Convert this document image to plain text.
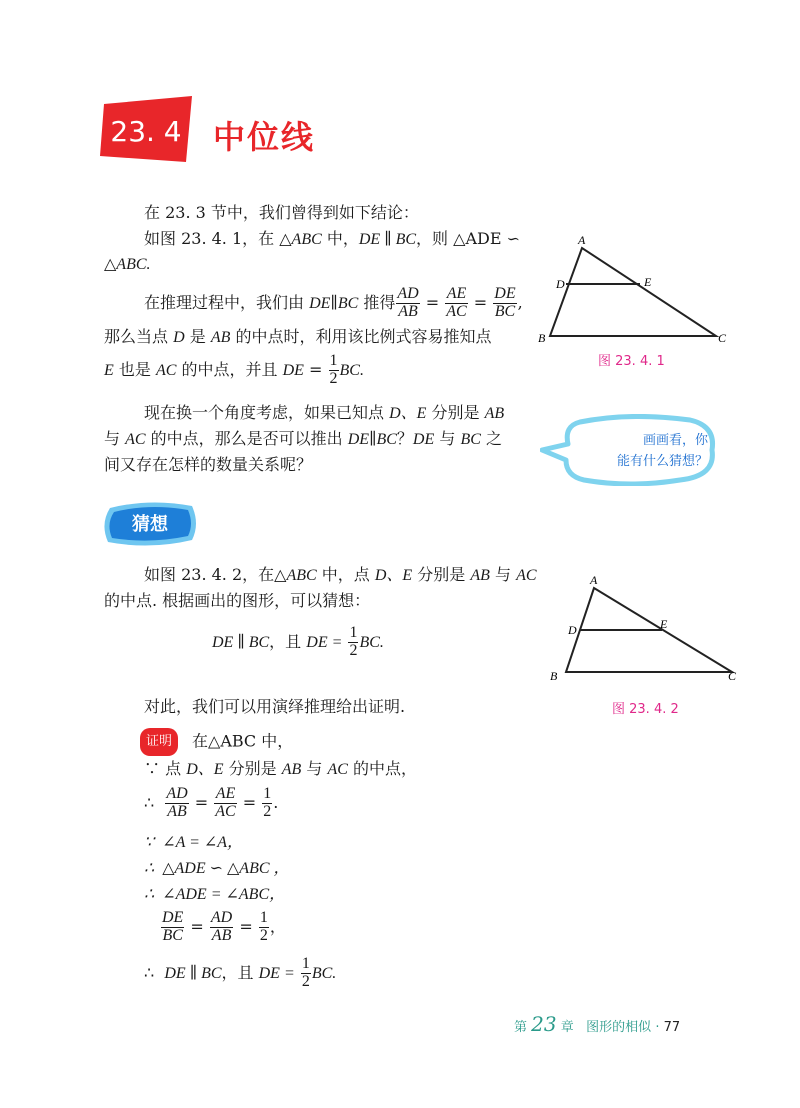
23. 4 中位线
在 23. 3 节中，我们曾得到如下结论：
如图 23. 4. 1，在 △ABC 中，DE ∥ BC，则 △ADE ∽
△ABC.
在推理过程中，我们由 DE∥BC 推得 $\frac{AD}{AB} = \frac{AE}{AC} = \frac{DE}{BC}$ ,
那么当点 D 是 AB 的中点时，利用该比例式容易推知点
E 也是 AC 的中点，并且 DE = $\frac{1}{2}$ BC.
现在换一个角度考虑，如果已知点 D、E 分别是 AB
与 AC 的中点，那么是否可以推出 DE∥BC？DE 与 BC 之
间又存在怎样的数量关系呢？
A
B	C
D	E
图 23. 4. 1
画画看，你
能有什么猜想？
猜想
如图 23. 4. 2，在△ABC 中，点 D、E 分别是 AB 与 AC
的中点. 根据画出的图形，可以猜想：
DE ∥ BC，且 DE = $\frac{1}{2}$ BC.
A
B	C
D	E
图 23. 4. 2
对此，我们可以用演绎推理给出证明.
证明 在△ABC 中，
∵ 点 D、E 分别是 AB 与 AC 的中点，
∴ $\frac{AD}{AB} = \frac{AE}{AC} = \frac{1}{2}$ .
∵ ∠A = ∠A，
∴ △ADE ∽ △ABC ，
∴ ∠ADE = ∠ABC，
$\frac{DE}{BC} = \frac{AD}{AB} = \frac{1}{2}$ ，
∴ DE ∥ BC，且 DE = $\frac{1}{2}$ BC.
第 23 章 图形的相似 · 77
